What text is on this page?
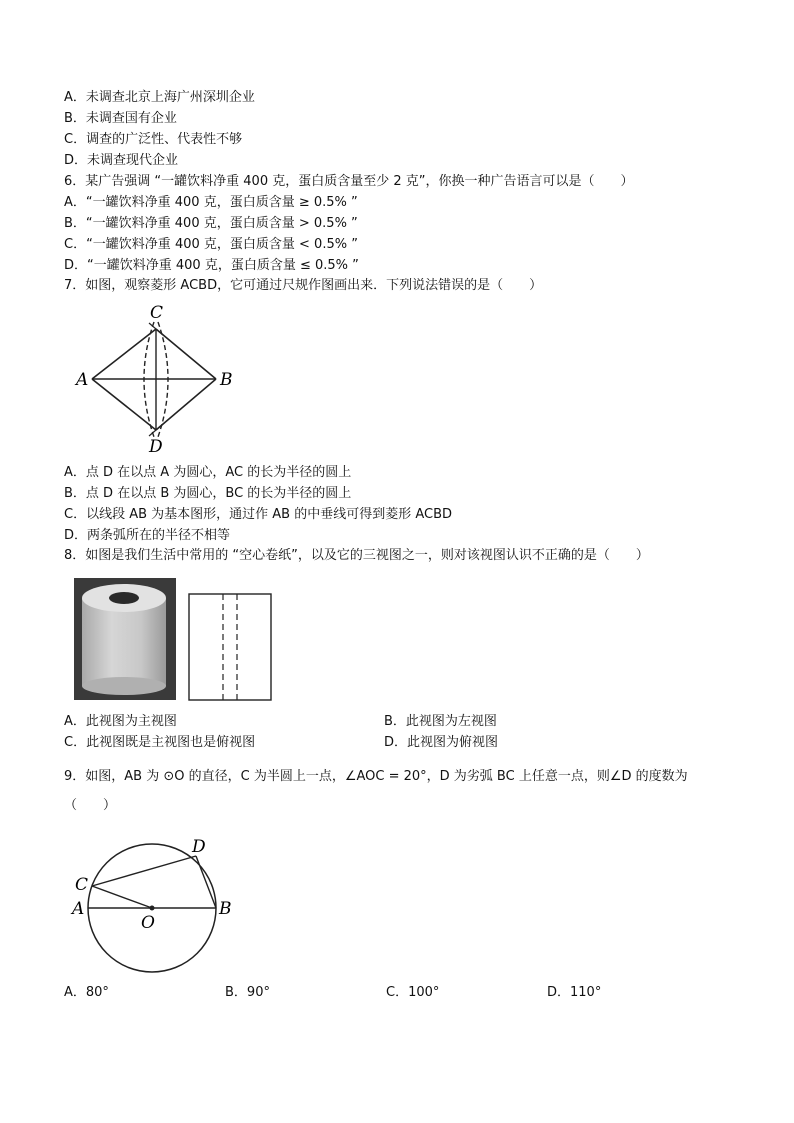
A．未调查北京上海广州深圳企业
B．未调查国有企业
C．调查的广泛性、代表性不够
D．未调查现代企业
6．某广告强调 “一罐饮料净重 400 克，蛋白质含量至少 2 克”，你换一种广告语言可以是（　　）
A．“一罐饮料净重 400 克，蛋白质含量 ≥ 0.5% ”
B．“一罐饮料净重 400 克，蛋白质含量 > 0.5% ”
C．“一罐饮料净重 400 克，蛋白质含量 < 0.5% ”
D．“一罐饮料净重 400 克，蛋白质含量 ≤ 0.5% ”
7．如图，观察菱形 ACBD，它可通过尺规作图画出来．下列说法错误的是（　　）
A	B
C
D
A．点 D 在以点 A 为圆心，AC 的长为半径的圆上
B．点 D 在以点 B 为圆心，BC 的长为半径的圆上
C．以线段 AB 为基本图形，通过作 AB 的中垂线可得到菱形 ACBD
D．两条弧所在的半径不相等
8．如图是我们生活中常用的 “空心卷纸”，以及它的三视图之一，则对该视图认识不正确的是（　　）
A．此视图为主视图	B．此视图为左视图
C．此视图既是主视图也是俯视图	D．此视图为俯视图
9．如图，AB 为 ⊙O 的直径，C 为半圆上一点，∠AOC = 20°，D 为劣弧 BC 上任意一点，则∠D 的度数为
（　　）
A	B
C
D
O
A．80°	B．90°	C．100°	D．110°
